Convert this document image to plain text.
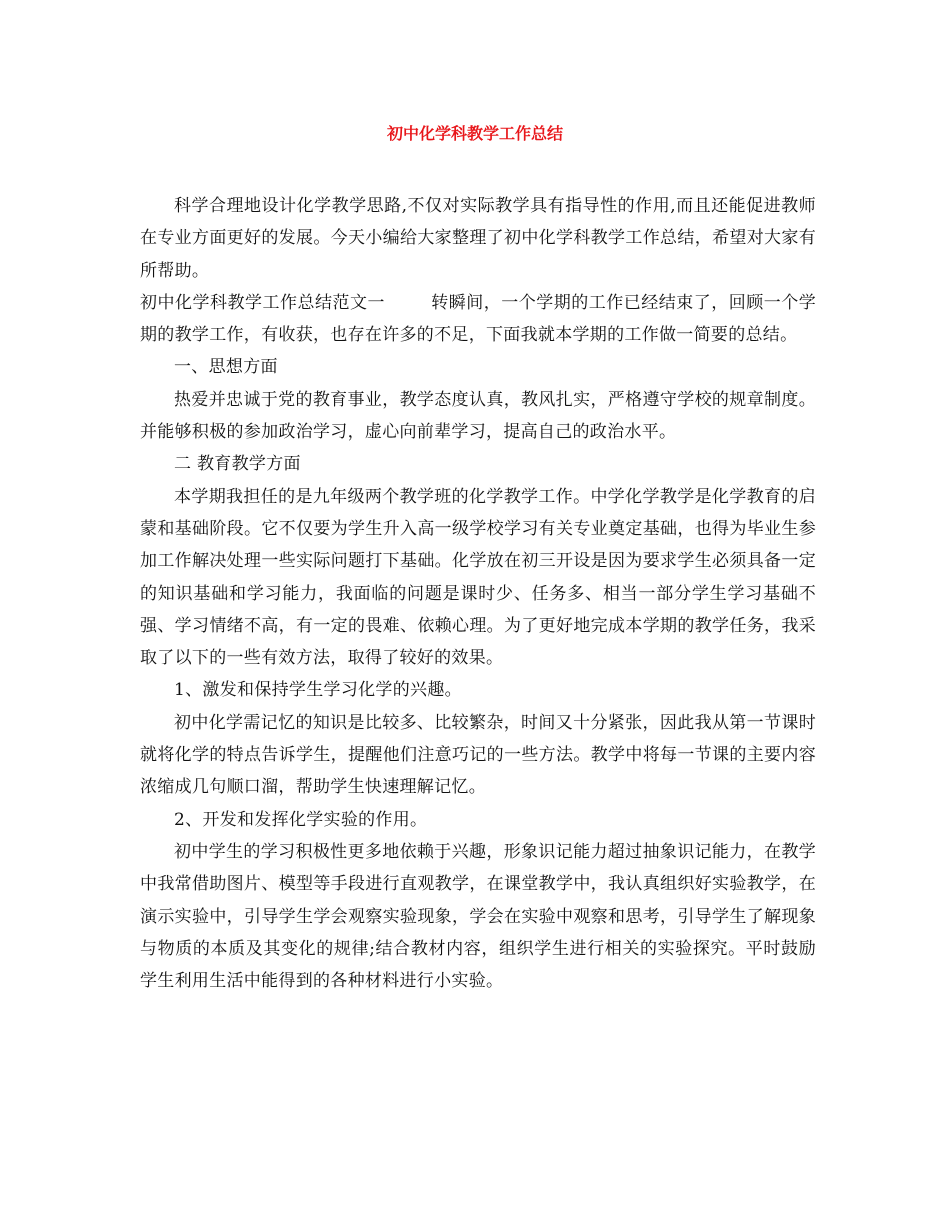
初中化学科教学工作总结

科学合理地设计化学教学思路,不仅对实际教学具有指导性的作用,而且还能促进教师在专业方面更好的发展。今天小编给大家整理了初中化学科教学工作总结，希望对大家有所帮助。

初中化学科教学工作总结范文一	转瞬间，一个学期的工作已经结束了，回顾一个学期的教学工作，有收获，也存在许多的不足，下面我就本学期的工作做一简要的总结。

一、思想方面

热爱并忠诚于党的教育事业，教学态度认真，教风扎实，严格遵守学校的规章制度。并能够积极的参加政治学习，虚心向前辈学习，提高自己的政治水平。

二 教育教学方面

本学期我担任的是九年级两个教学班的化学教学工作。中学化学教学是化学教育的启蒙和基础阶段。它不仅要为学生升入高一级学校学习有关专业奠定基础，也得为毕业生参加工作解决处理一些实际问题打下基础。化学放在初三开设是因为要求学生必须具备一定的知识基础和学习能力，我面临的问题是课时少、任务多、相当一部分学生学习基础不强、学习情绪不高，有一定的畏难、依赖心理。为了更好地完成本学期的教学任务，我采取了以下的一些有效方法，取得了较好的效果。

1、激发和保持学生学习化学的兴趣。

初中化学需记忆的知识是比较多、比较繁杂，时间又十分紧张，因此我从第一节课时就将化学的特点告诉学生，提醒他们注意巧记的一些方法。教学中将每一节课的主要内容浓缩成几句顺口溜，帮助学生快速理解记忆。

2、开发和发挥化学实验的作用。

初中学生的学习积极性更多地依赖于兴趣，形象识记能力超过抽象识记能力，在教学中我常借助图片、模型等手段进行直观教学，在课堂教学中，我认真组织好实验教学，在演示实验中，引导学生学会观察实验现象，学会在实验中观察和思考，引导学生了解现象与物质的本质及其变化的规律;结合教材内容，组织学生进行相关的实验探究。平时鼓励学生利用生活中能得到的各种材料进行小实验。
